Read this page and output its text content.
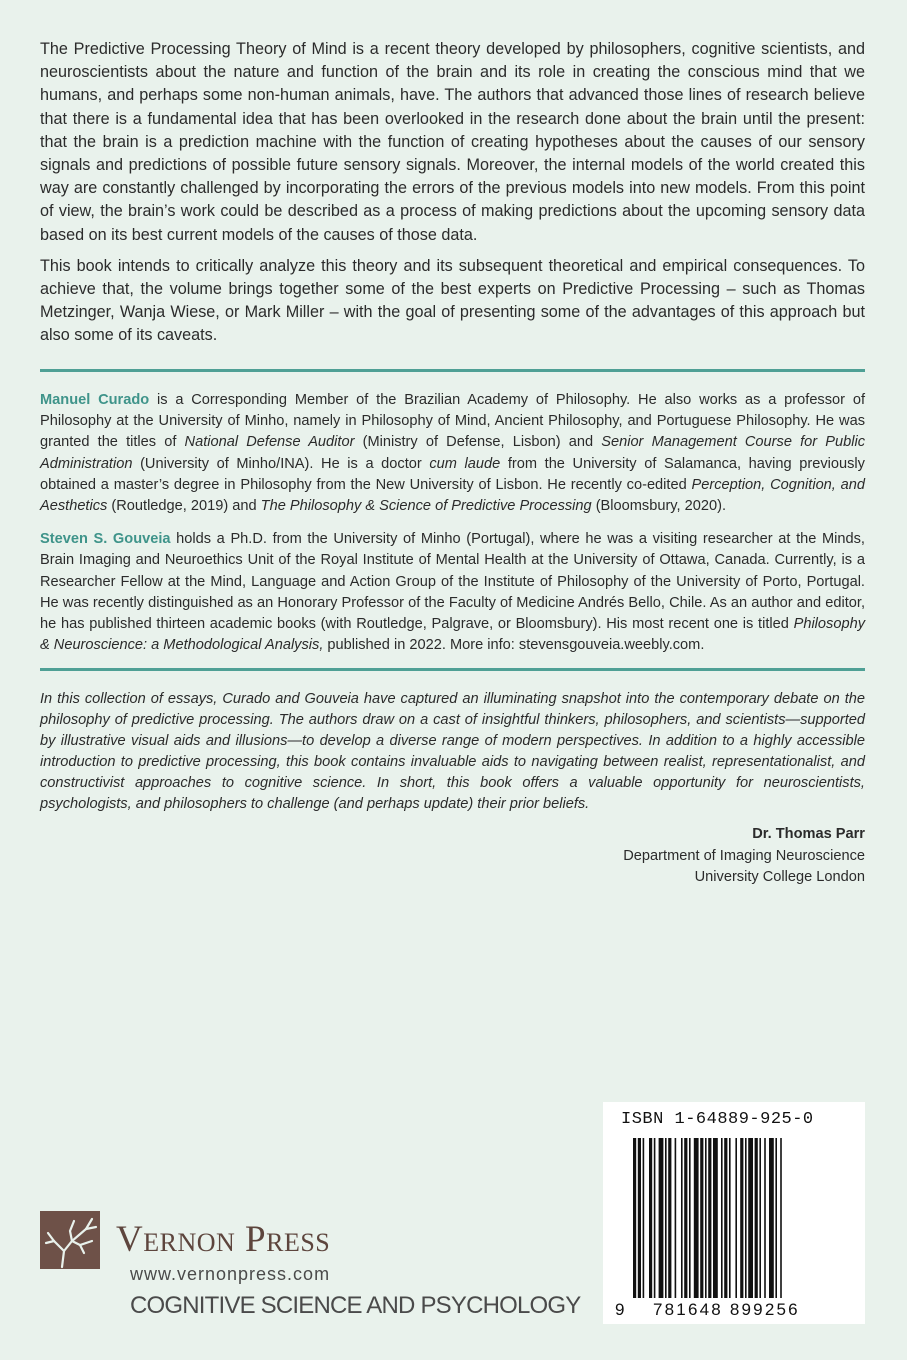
The Predictive Processing Theory of Mind is a recent theory developed by philosophers, cognitive scientists, and neuroscientists about the nature and function of the brain and its role in creating the conscious mind that we humans, and perhaps some non-human animals, have. The authors that advanced those lines of research believe that there is a fundamental idea that has been overlooked in the research done about the brain until the present: that the brain is a prediction machine with the function of creating hypotheses about the causes of our sensory signals and predictions of possible future sensory signals. Moreover, the internal models of the world created this way are constantly challenged by incorporating the errors of the previous models into new models. From this point of view, the brain’s work could be described as a process of making predictions about the upcoming sensory data based on its best current models of the causes of those data.

This book intends to critically analyze this theory and its subsequent theoretical and empirical consequences. To achieve that, the volume brings together some of the best experts on Predictive Processing – such as Thomas Metzinger, Wanja Wiese, or Mark Miller – with the goal of presenting some of the advantages of this approach but also some of its caveats.

Manuel Curado is a Corresponding Member of the Brazilian Academy of Philosophy. He also works as a professor of Philosophy at the University of Minho, namely in Philosophy of Mind, Ancient Philosophy, and Portuguese Philosophy. He was granted the titles of National Defense Auditor (Ministry of Defense, Lisbon) and Senior Management Course for Public Administration (University of Minho/INA). He is a doctor cum laude from the University of Salamanca, having previously obtained a master’s degree in Philosophy from the New University of Lisbon. He recently co-edited Perception, Cognition, and Aesthetics (Routledge, 2019) and The Philosophy & Science of Predictive Processing (Bloomsbury, 2020).

Steven S. Gouveia holds a Ph.D. from the University of Minho (Portugal), where he was a visiting researcher at the Minds, Brain Imaging and Neuroethics Unit of the Royal Institute of Mental Health at the University of Ottawa, Canada. Currently, is a Researcher Fellow at the Mind, Language and Action Group of the Institute of Philosophy of the University of Porto, Portugal. He was recently distinguished as an Honorary Professor of the Faculty of Medicine Andrés Bello, Chile. As an author and editor, he has published thirteen academic books (with Routledge, Palgrave, or Bloomsbury). His most recent one is titled Philosophy & Neuroscience: a Methodological Analysis, published in 2022. More info: stevensgouveia.weebly.com.

In this collection of essays, Curado and Gouveia have captured an illuminating snapshot into the contemporary debate on the philosophy of predictive processing. The authors draw on a cast of insightful thinkers, philosophers, and scientists—supported by illustrative visual aids and illusions—to develop a diverse range of modern perspectives. In addition to a highly accessible introduction to predictive processing, this book contains invaluable aids to navigating between realist, representationalist, and constructivist approaches to cognitive science. In short, this book offers a valuable opportunity for neuroscientists, psychologists, and philosophers to challenge (and perhaps update) their prior beliefs.

Dr. Thomas Parr
Department of Imaging Neuroscience
University College London
Vernon Press
www.vernonpress.com
COGNITIVE SCIENCE AND PSYCHOLOGY
ISBN 1-64889-925-0
9 781648 899256
